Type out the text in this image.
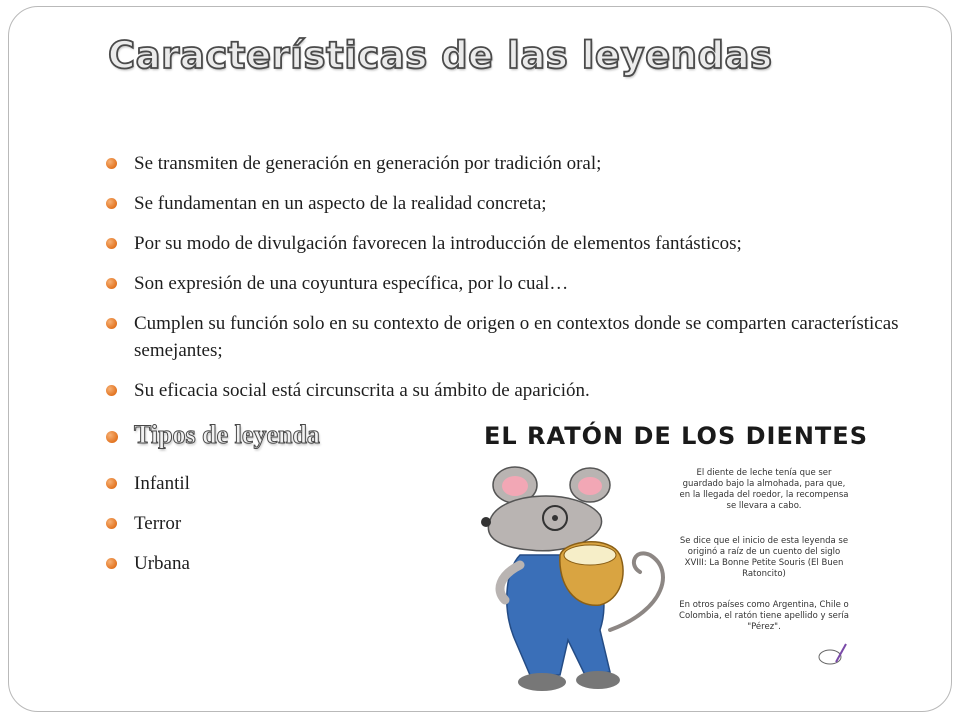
Características de las leyendas
Se transmiten de generación en generación por tradición oral;
Se fundamentan en un aspecto de la realidad concreta;
Por su modo de divulgación favorecen la introducción de elementos fantásticos;
Son expresión de una coyuntura específica, por lo cual…
Cumplen su función solo en su contexto de origen o en contextos donde se comparten características semejantes;
Su eficacia social está circunscrita a su ámbito de aparición.
Tipos de leyenda
Infantil
Terror
Urbana
EL RATÓN DE LOS DIENTES

El diente de leche tenía que ser guardado bajo la almohada, para que, en la llegada del roedor, la recompensa se llevara a cabo.

Se dice que el inicio de esta leyenda se originó a raíz de un cuento del siglo XVIII: La Bonne Petite Souris (El Buen Ratoncito)

En otros países como Argentina, Chile o Colombia, el ratón tiene apellido y sería "Pérez".
